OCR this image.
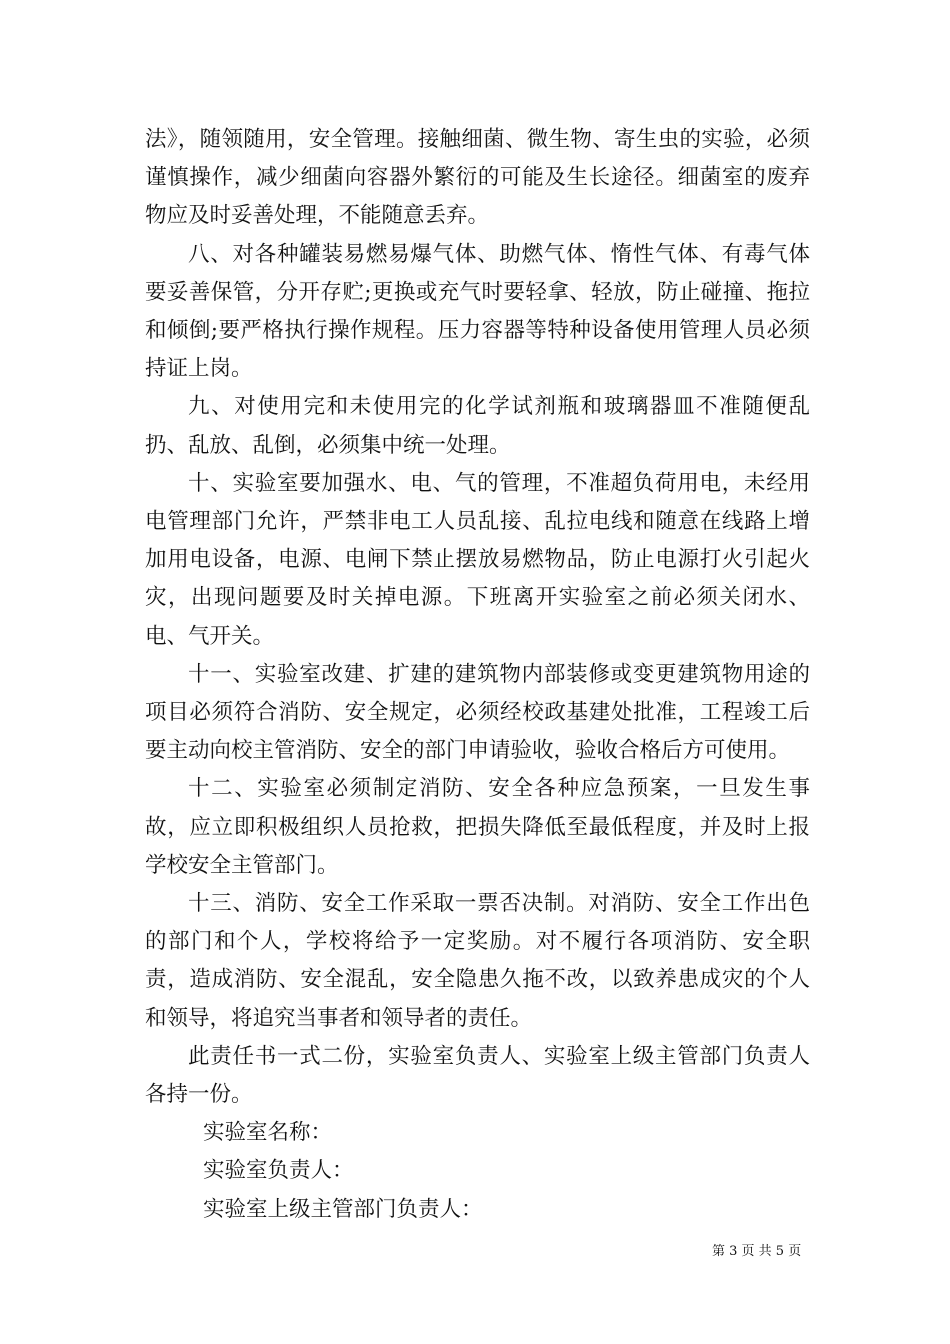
法》，随领随用，安全管理。接触细菌、微生物、寄生虫的实验，必须谨慎操作，减少细菌向容器外繁衍的可能及生长途径。细菌室的废弃物应及时妥善处理，不能随意丢弃。

八、对各种罐装易燃易爆气体、助燃气体、惰性气体、有毒气体要妥善保管，分开存贮;更换或充气时要轻拿、轻放，防止碰撞、拖拉和倾倒;要严格执行操作规程。压力容器等特种设备使用管理人员必须持证上岗。

九、对使用完和未使用完的化学试剂瓶和玻璃器皿不准随便乱扔、乱放、乱倒，必须集中统一处理。

十、实验室要加强水、电、气的管理，不准超负荷用电，未经用电管理部门允许，严禁非电工人员乱接、乱拉电线和随意在线路上增加用电设备，电源、电闸下禁止摆放易燃物品，防止电源打火引起火灾，出现问题要及时关掉电源。下班离开实验室之前必须关闭水、电、气开关。

十一、实验室改建、扩建的建筑物内部装修或变更建筑物用途的项目必须符合消防、安全规定，必须经校政基建处批准，工程竣工后要主动向校主管消防、安全的部门申请验收，验收合格后方可使用。

十二、实验室必须制定消防、安全各种应急预案，一旦发生事故，应立即积极组织人员抢救，把损失降低至最低程度，并及时上报学校安全主管部门。

十三、消防、安全工作采取一票否决制。对消防、安全工作出色的部门和个人，学校将给予一定奖励。对不履行各项消防、安全职责，造成消防、安全混乱，安全隐患久拖不改，以致养患成灾的个人和领导，将追究当事者和领导者的责任。

此责任书一式二份，实验室负责人、实验室上级主管部门负责人各持一份。

实验室名称：

实验室负责人：

实验室上级主管部门负责人：

第 3 页 共 5 页
